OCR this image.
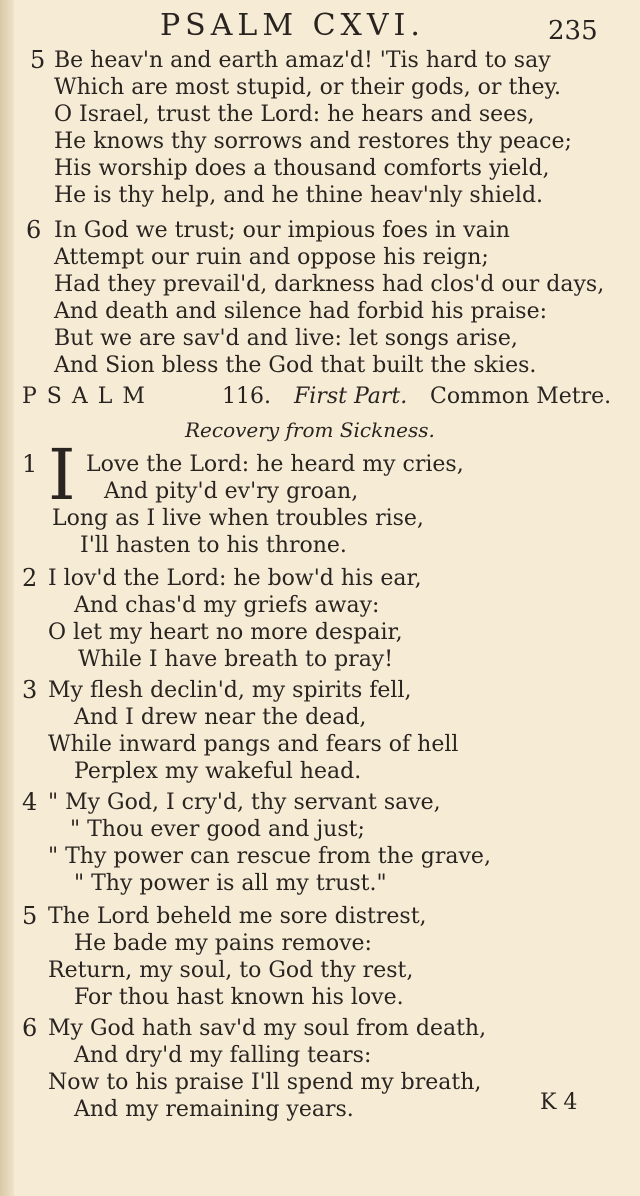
PSALM CXVI.	235
5 Be heav'n and earth amaz'd! 'Tis hard to say
Which are most stupid, or their gods, or they.
O Israel, trust the Lord: he hears and sees,
He knows thy sorrows and restores thy peace;
His worship does a thousand comforts yield,
He is thy help, and he thine heav'nly shield.
6 In God we trust; our impious foes in vain
Attempt our ruin and oppose his reign;
Had they prevail'd, darkness had clos'd our days,
And death and silence had forbid his praise:
But we are sav'd and live: let songs arise,
And Sion bless the God that built the skies.
PSALM	116. First Part. Common Metre.
Recovery from Sickness.
1 I Love the Lord: he heard my cries,
And pity'd ev'ry groan,
Long as I live when troubles rise,
I'll hasten to his throne.
2 I lov'd the Lord: he bow'd his ear,
And chas'd my griefs away:
O let my heart no more despair,
While I have breath to pray!
3 My flesh declin'd, my spirits fell,
And I drew near the dead,
While inward pangs and fears of hell
Perplex my wakeful head.
4 " My God, I cry'd, thy servant save,
" Thou ever good and just;
" Thy power can rescue from the grave,
" Thy power is all my trust."
5 The Lord beheld me sore distrest,
He bade my pains remove:
Return, my soul, to God thy rest,
For thou hast known his love.
6 My God hath sav'd my soul from death,
And dry'd my falling tears:
Now to his praise I'll spend my breath,
And my remaining years.	K 4
